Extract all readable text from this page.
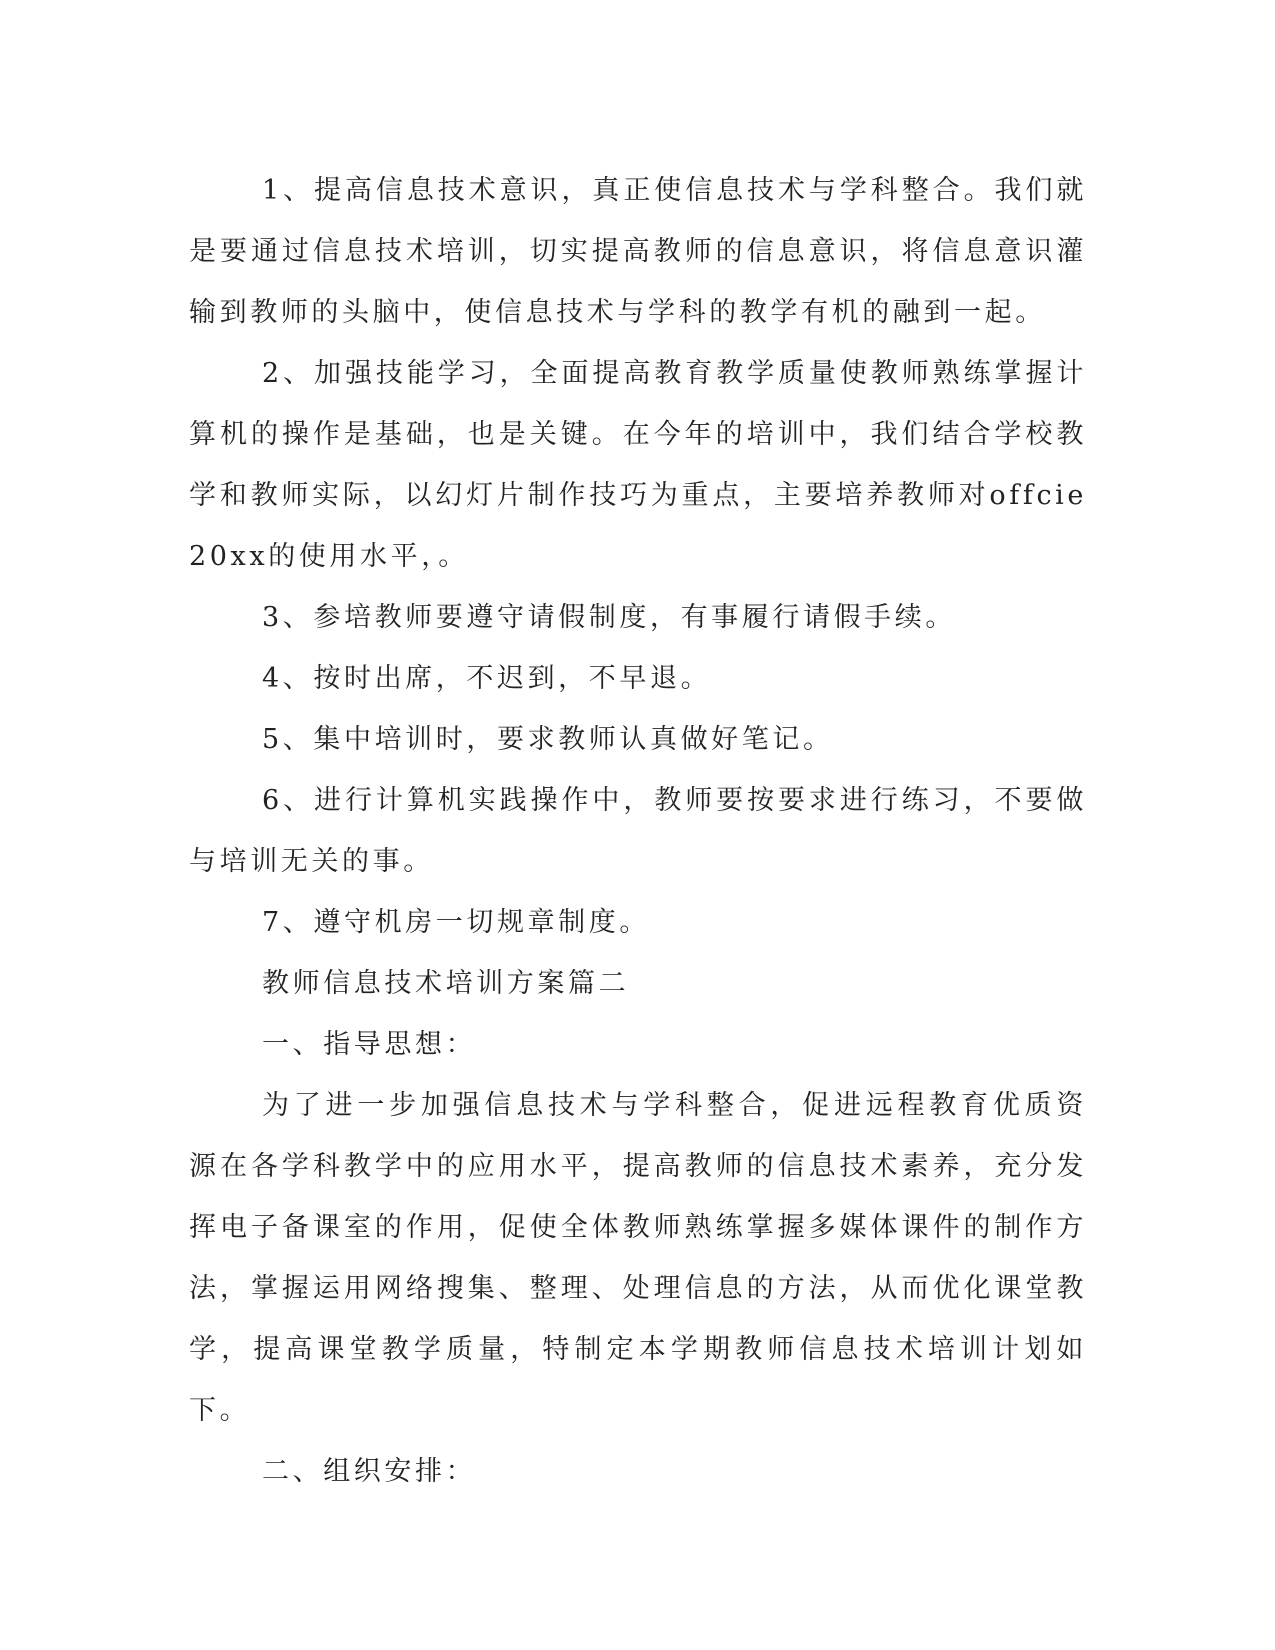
1、提高信息技术意识，真正使信息技术与学科整合。我们就是要通过信息技术培训，切实提高教师的信息意识，将信息意识灌输到教师的头脑中，使信息技术与学科的教学有机的融到一起。

2、加强技能学习，全面提高教育教学质量使教师熟练掌握计算机的操作是基础，也是关键。在今年的培训中，我们结合学校教学和教师实际，以幻灯片制作技巧为重点，主要培养教师对offcie20xx的使用水平，。

3、参培教师要遵守请假制度，有事履行请假手续。

4、按时出席，不迟到，不早退。

5、集中培训时，要求教师认真做好笔记。

6、进行计算机实践操作中，教师要按要求进行练习，不要做与培训无关的事。

7、遵守机房一切规章制度。

教师信息技术培训方案篇二

一、指导思想：

为了进一步加强信息技术与学科整合，促进远程教育优质资源在各学科教学中的应用水平，提高教师的信息技术素养，充分发挥电子备课室的作用，促使全体教师熟练掌握多媒体课件的制作方法，掌握运用网络搜集、整理、处理信息的方法，从而优化课堂教学，提高课堂教学质量，特制定本学期教师信息技术培训计划如下。

二、组织安排：
